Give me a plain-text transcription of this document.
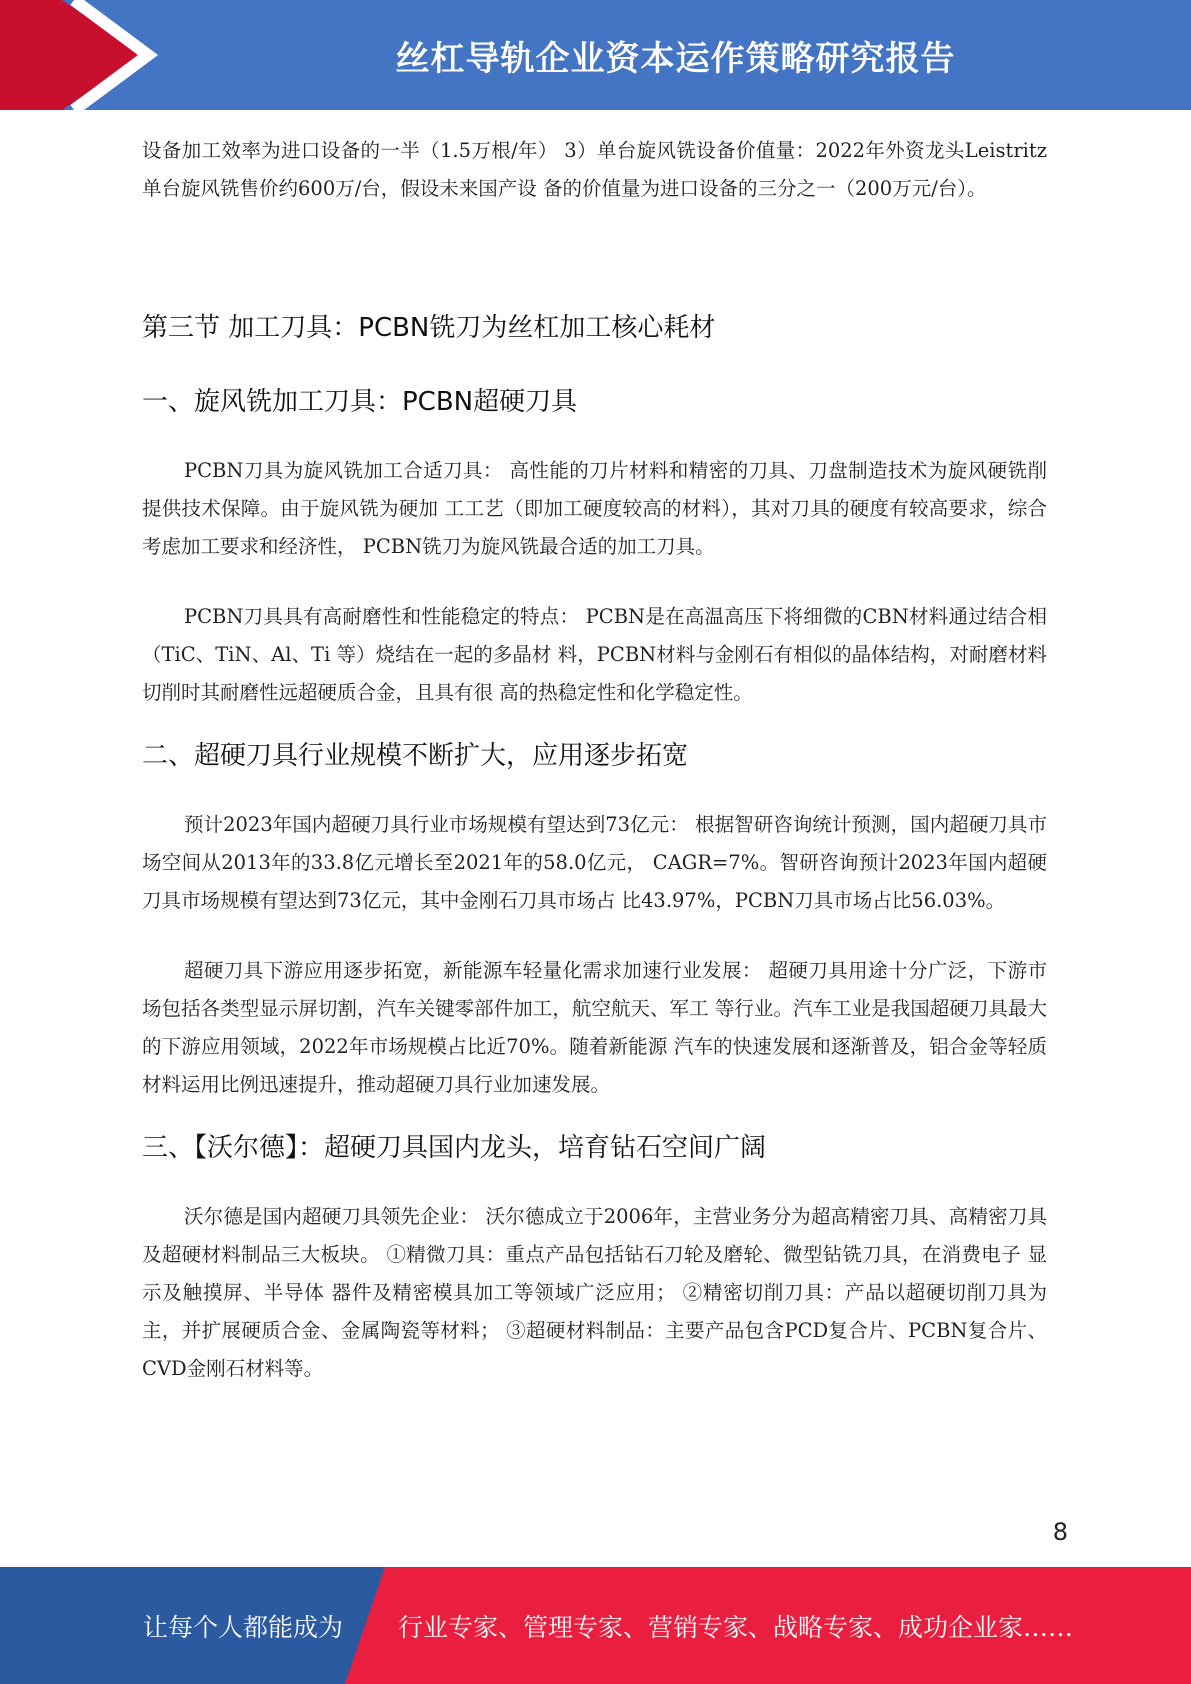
丝杠导轨企业资本运作策略研究报告

设备加工效率为进口设备的一半（1.5万根/年） 3）单台旋风铣设备价值量：2022年外资龙头Leistritz单台旋风铣售价约600万/台，假设未来国产设 备的价值量为进口设备的三分之一（200万元/台）。

第三节 加工刀具：PCBN铣刀为丝杠加工核心耗材
一、旋风铣加工刀具：PCBN超硬刀具

PCBN刀具为旋风铣加工合适刀具： 高性能的刀片材料和精密的刀具、刀盘制造技术为旋风硬铣削提供技术保障。由于旋风铣为硬加 工工艺（即加工硬度较高的材料），其对刀具的硬度有较高要求，综合考虑加工要求和经济性， PCBN铣刀为旋风铣最合适的加工刀具。

PCBN刀具具有高耐磨性和性能稳定的特点： PCBN是在高温高压下将细微的CBN材料通过结合相（TiC、TiN、Al、Ti 等）烧结在一起的多晶材 料，PCBN材料与金刚石有相似的晶体结构，对耐磨材料切削时其耐磨性远超硬质合金，且具有很 高的热稳定性和化学稳定性。

二、超硬刀具行业规模不断扩大，应用逐步拓宽

预计2023年国内超硬刀具行业市场规模有望达到73亿元： 根据智研咨询统计预测，国内超硬刀具市场空间从2013年的33.8亿元增长至2021年的58.0亿元， CAGR=7%。智研咨询预计2023年国内超硬刀具市场规模有望达到73亿元，其中金刚石刀具市场占 比43.97%，PCBN刀具市场占比56.03%。

超硬刀具下游应用逐步拓宽，新能源车轻量化需求加速行业发展： 超硬刀具用途十分广泛，下游市场包括各类型显示屏切割，汽车关键零部件加工，航空航天、军工 等行业。汽车工业是我国超硬刀具最大的下游应用领域，2022年市场规模占比近70%。随着新能源 汽车的快速发展和逐渐普及，铝合金等轻质材料运用比例迅速提升，推动超硬刀具行业加速发展。

三、【沃尔德】：超硬刀具国内龙头，培育钻石空间广阔

沃尔德是国内超硬刀具领先企业： 沃尔德成立于2006年，主营业务分为超高精密刀具、高精密刀具及超硬材料制品三大板块。 ①精微刀具：重点产品包括钻石刀轮及磨轮、微型钻铣刀具，在消费电子 显示及触摸屏、半导体 器件及精密模具加工等领域广泛应用； ②精密切削刀具：产品以超硬切削刀具为主，并扩展硬质合金、金属陶瓷等材料； ③超硬材料制品：主要产品包含PCD复合片、PCBN复合片、CVD金刚石材料等。

8
让每个人都能成为 行业专家、管理专家、营销专家、战略专家、成功企业家……
